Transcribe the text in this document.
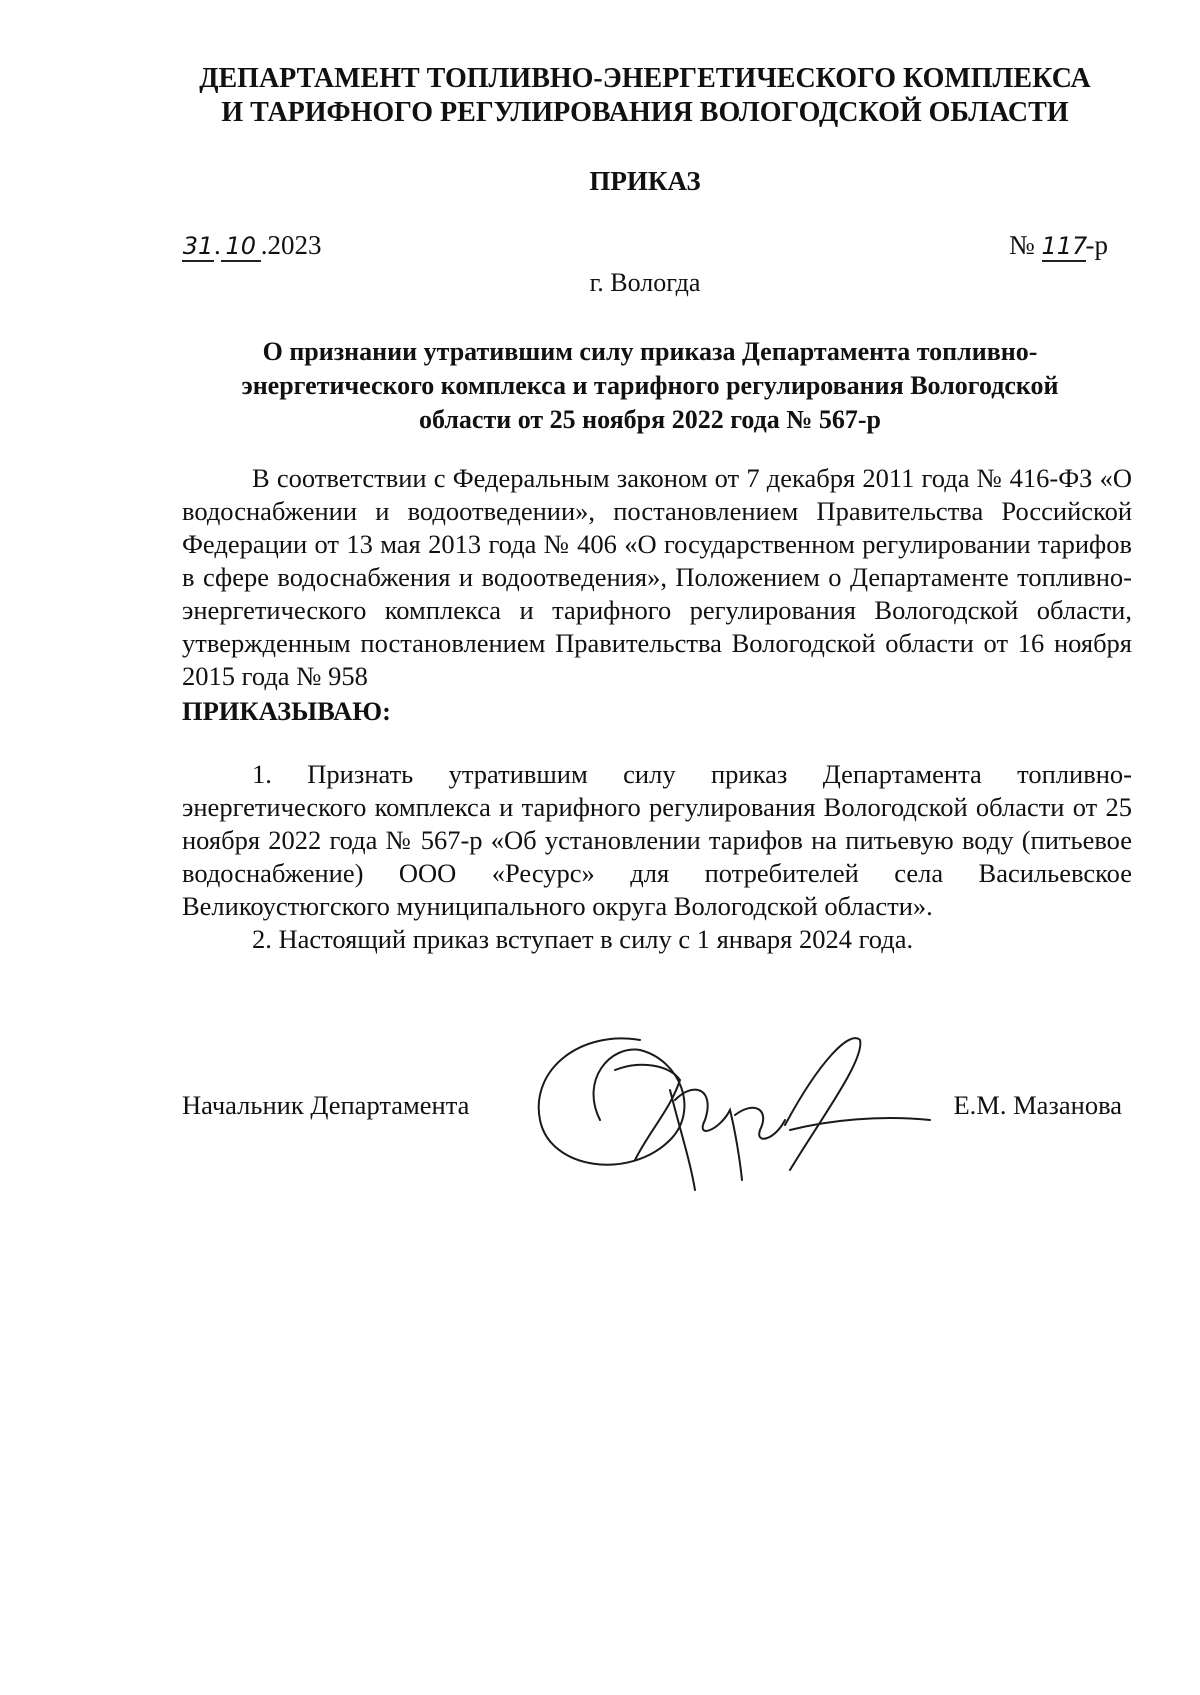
ДЕПАРТАМЕНТ ТОПЛИВНО-ЭНЕРГЕТИЧЕСКОГО КОМПЛЕКСА
И ТАРИФНОГО РЕГУЛИРОВАНИЯ ВОЛОГОДСКОЙ ОБЛАСТИ
ПРИКАЗ
31. 10 .2023	№ 117-р
г. Вологда
О признании утратившим силу приказа Департамента топливно-
энергетического комплекса и тарифного регулирования Вологодской
области от 25 ноября 2022 года № 567-р

В соответствии с Федеральным законом от 7 декабря 2011 года № 416-ФЗ «О водоснабжении и водоотведении», постановлением Правительства Российской Федерации от 13 мая 2013 года № 406 «О государственном регулировании тарифов в сфере водоснабжения и водоотведения», Положением о Департаменте топливно-энергетического комплекса и тарифного регулирования Вологодской области, утвержденным постановлением Правительства Вологодской области от 16 ноября 2015 года № 958

ПРИКАЗЫВАЮ:

1. Признать утратившим силу приказ Департамента топливно-энергетического комплекса и тарифного регулирования Вологодской области от 25 ноября 2022 года № 567-р «Об установлении тарифов на питьевую воду (питьевое водоснабжение) ООО «Ресурс» для потребителей села Васильевское Великоустюгского муниципального округа Вологодской области».

2. Настоящий приказ вступает в силу с 1 января 2024 года.

Начальник Департамента	Е.М. Мазанова
